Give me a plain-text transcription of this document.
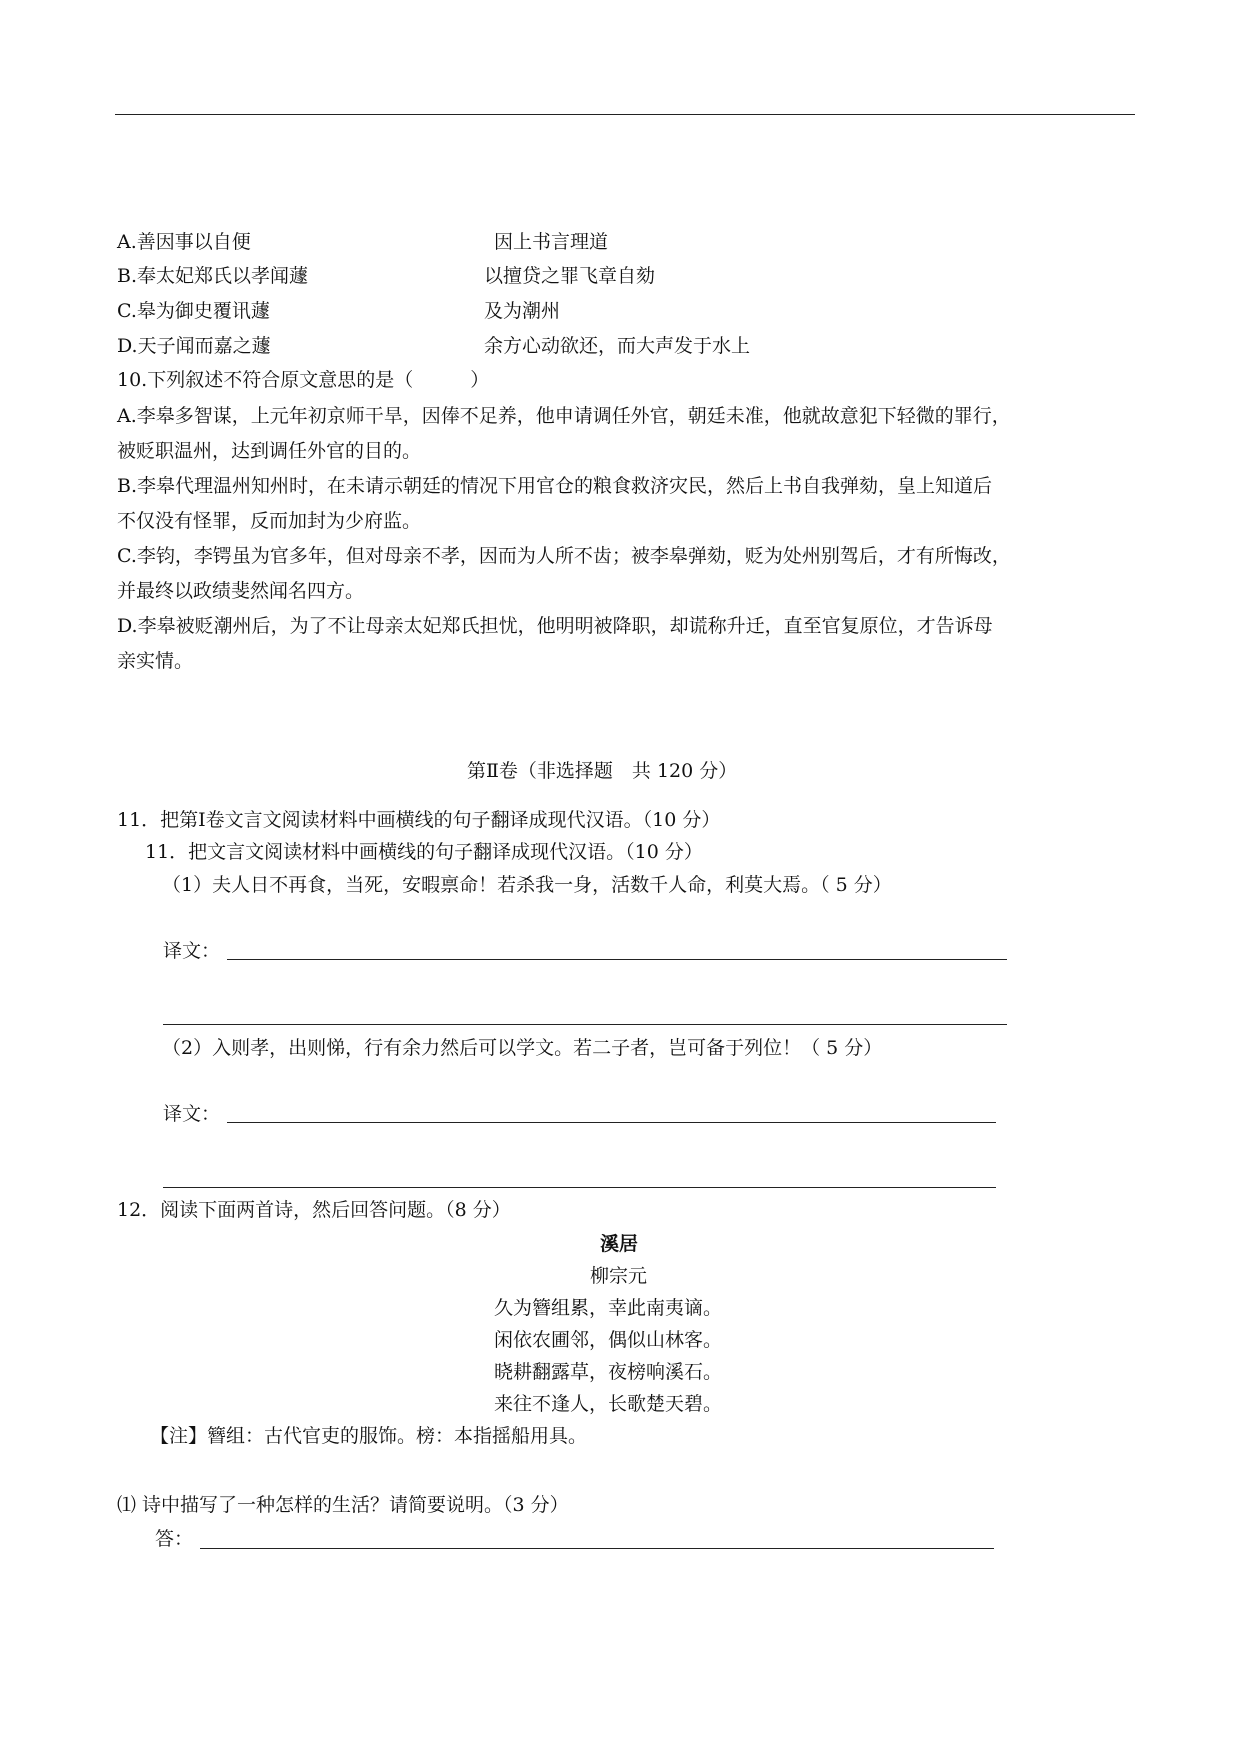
A.善因事以自便	因上书言理道
B.奉太妃郑氏以孝闻蘧	以擅贷之罪飞章自劾
C.皋为御史覆讯蘧	及为潮州
D.天子闻而嘉之蘧	余方心动欲还，而大声发于水上
10.下列叙述不符合原文意思的是（　　　）
A.李皋多智谋，上元年初京师干旱，因俸不足养，他申请调任外官，朝廷未准，他就故意犯下轻微的罪行，
被贬职温州，达到调任外官的目的。
B.李皋代理温州知州时，在未请示朝廷的情况下用官仓的粮食救济灾民，然后上书自我弹劾，皇上知道后
不仅没有怪罪，反而加封为少府监。
C.李钧，李锷虽为官多年，但对母亲不孝，因而为人所不齿；被李皋弹劾，贬为处州别驾后，才有所悔改，
并最终以政绩斐然闻名四方。
D.李皋被贬潮州后，为了不让母亲太妃郑氏担忧，他明明被降职，却谎称升迁，直至官复原位，才告诉母
亲实情。
第Ⅱ卷（非选择题　共 120 分）
11．把第Ⅰ卷文言文阅读材料中画横线的句子翻译成现代汉语。（10 分）
11．把文言文阅读材料中画横线的句子翻译成现代汉语。（10 分）
（1）夫人日不再食，当死，安暇禀命！若杀我一身，活数千人命，利莫大焉。（ 5 分）
译文：
（2）入则孝，出则悌，行有余力然后可以学文。若二子者，岂可备于列位！（ 5 分）
译文：
12．阅读下面两首诗，然后回答问题。（8 分）
溪居
柳宗元
久为簪组累，幸此南夷谪。
闲依农圃邻，偶似山林客。
晓耕翻露草，夜榜响溪石。
来往不逢人，长歌楚天碧。
【注】簪组：古代官吏的服饰。榜：本指摇船用具。
⑴ 诗中描写了一种怎样的生活？请简要说明。（3 分）
答：
